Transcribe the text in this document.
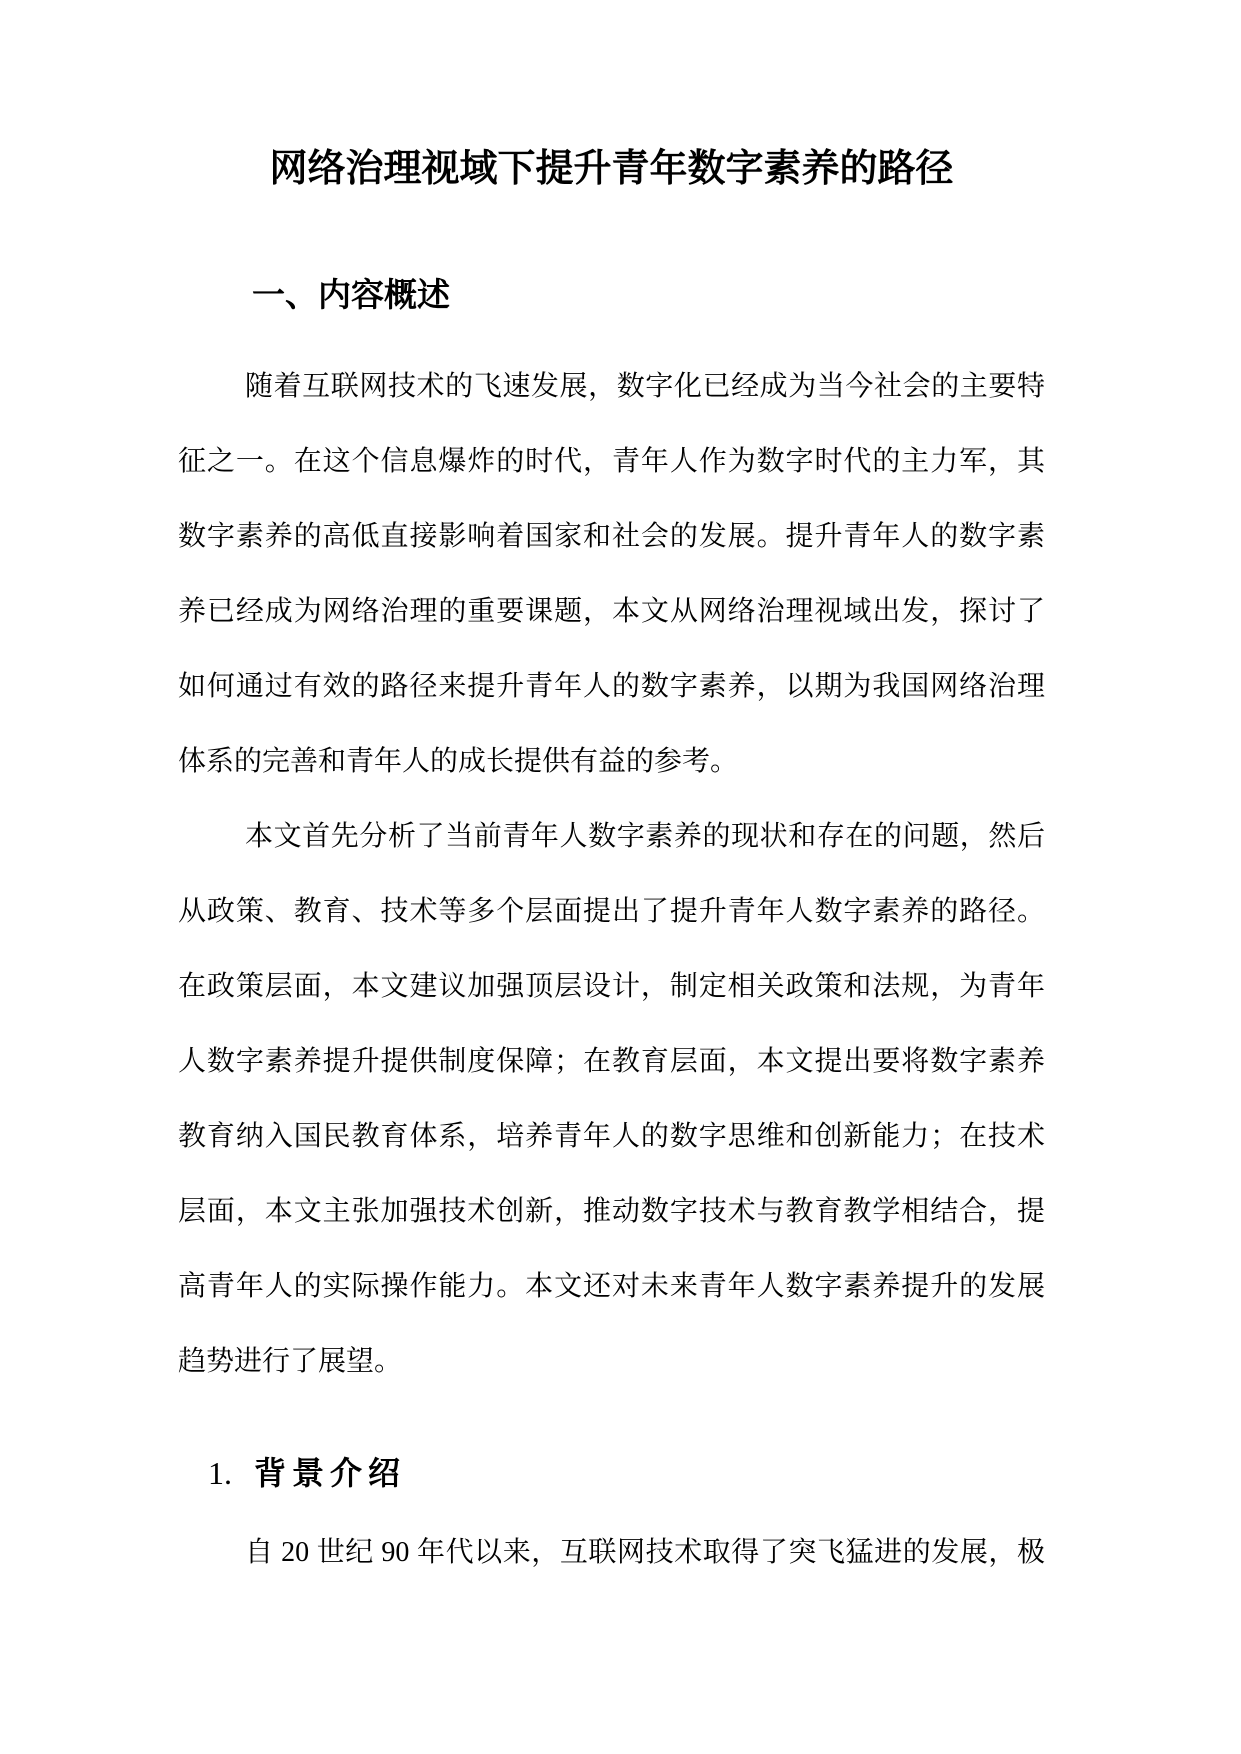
网络治理视域下提升青年数字素养的路径
一、内容概述
随着互联网技术的飞速发展，数字化已经成为当今社会的主要特
征之一。在这个信息爆炸的时代，青年人作为数字时代的主力军，其
数字素养的高低直接影响着国家和社会的发展。提升青年人的数字素
养已经成为网络治理的重要课题，本文从网络治理视域出发，探讨了
如何通过有效的路径来提升青年人的数字素养，以期为我国网络治理
体系的完善和青年人的成长提供有益的参考。
本文首先分析了当前青年人数字素养的现状和存在的问题，然后
从政策、教育、技术等多个层面提出了提升青年人数字素养的路径。
在政策层面，本文建议加强顶层设计，制定相关政策和法规，为青年
人数字素养提升提供制度保障；在教育层面，本文提出要将数字素养
教育纳入国民教育体系，培养青年人的数字思维和创新能力；在技术
层面，本文主张加强技术创新，推动数字技术与教育教学相结合，提
高青年人的实际操作能力。本文还对未来青年人数字素养提升的发展
趋势进行了展望。
1. 背景介绍
自 20 世纪 90 年代以来，互联网技术取得了突飞猛进的发展，极
